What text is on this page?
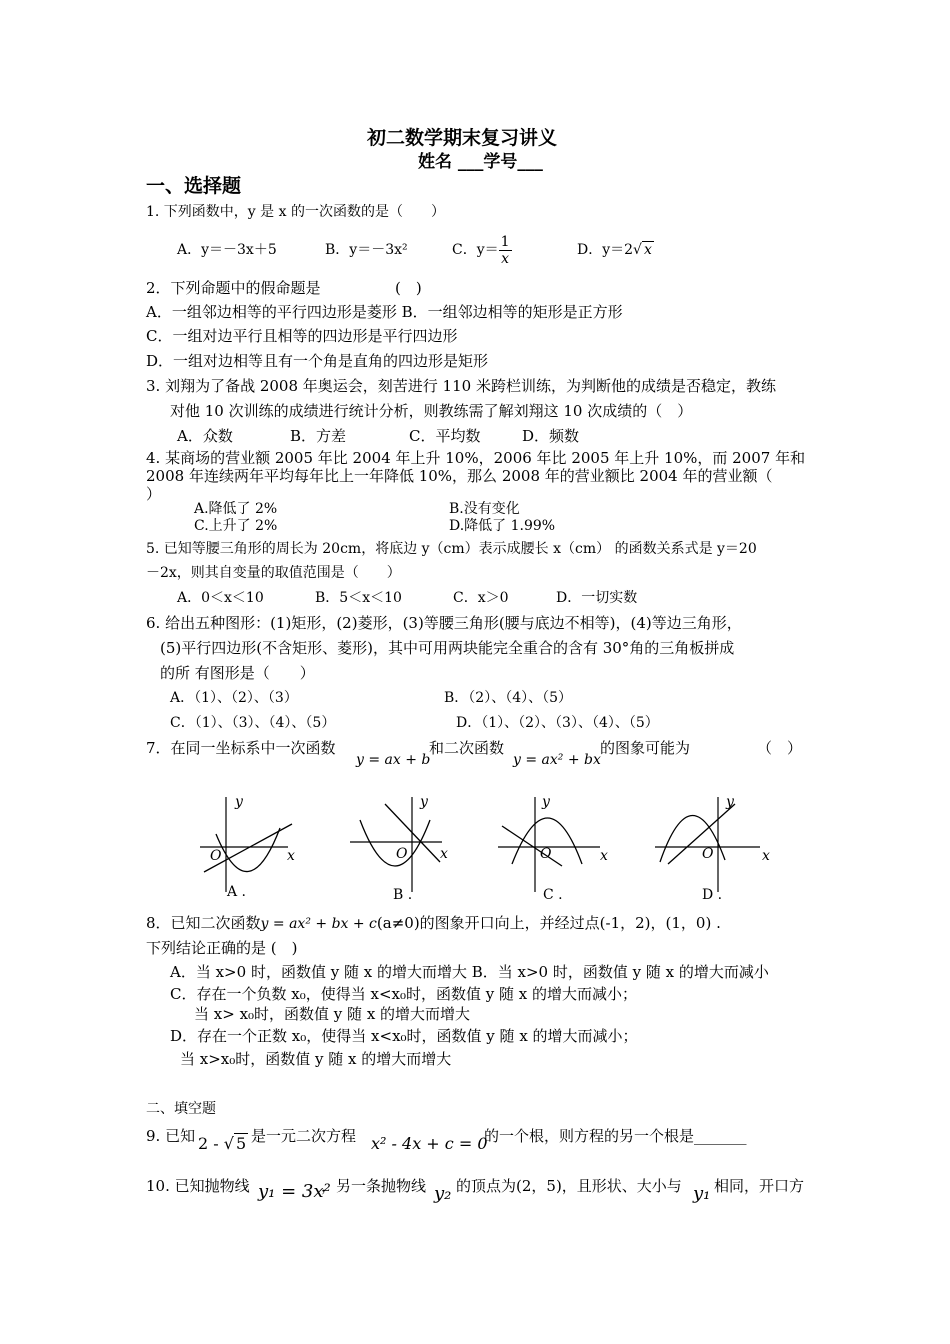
初二数学期末复习讲义
姓名 ___学号___
一、选择题
1. 下列函数中，y 是 x 的一次函数的是（　　）
A．y＝－3x＋5	B．y＝－3x²	C．$y= \frac{1}{x}$	D．y＝2√ x
2．下列命题中的假命题是	(　)
A．一组邻边相等的平行四边形是菱形 B．一组邻边相等的矩形是正方形
C．一组对边平行且相等的四边形是平行四边形
D．一组对边相等且有一个角是直角的四边形是矩形
3. 刘翔为了备战 2008 年奥运会，刻苦进行 110 米跨栏训练，为判断他的成绩是否稳定，教练
对他 10 次训练的成绩进行统计分析，则教练需了解刘翔这 10 次成绩的（　）
A．众数	B．方差	C．平均数	D．频数
4. 某商场的营业额 2005 年比 2004 年上升 10%，2006 年比 2005 年上升 10%，而 2007 年和
2008 年连续两年平均每年比上一年降低 10%，那么 2008 年的营业额比 2004 年的营业额（
）
A.降低了 2%	B.没有变化
C.上升了 2%	D.降低了 1.99%
5. 已知等腰三角形的周长为 20cm，将底边 y（cm）表示成腰长 x（cm） 的函数关系式是 y＝20
－2x，则其自变量的取值范围是（　　）
A．0＜x＜10	B．5＜x＜10	C．x＞0	D．一切实数
6. 给出五种图形：(1)矩形，(2)菱形，(3)等腰三角形(腰与底边不相等)，(4)等边三角形，
(5)平行四边形(不含矩形、菱形)，其中可用两块能完全重合的含有 30°角的三角板拼成
的所 有图形是（　　）
A．（1）、（2）、（3）	B．（2）、（4）、（5）
C．（1）、（3）、（4）、（5）	D．（1）、（2）、（3）、（4）、（5）
7．在同一坐标系中一次函数
y = ax + b
和二次函数
y = ax² + bx
的图象可能为	（　）
y
x
O
A .
y
x
O
B .
y
x
O
C .
y
x
O
D .
8．已知二次函数y = ax² + bx + c(a≠0)的图象开口向上，并经过点(-1，2)，(1，0) .
下列结论正确的是 (　)
A．当 x>0 时，函数值 y 随 x 的增大而增大 B．当 x>0 时，函数值 y 随 x 的增大而减小
C．存在一个负数 x₀，使得当 x<x₀时，函数值 y 随 x 的增大而减小；
当 x> x₀时，函数值 y 随 x 的增大而增大
D．存在一个正数 x₀，使得当 x<x₀时，函数值 y 随 x 的增大而减小；
当 x>x₀时，函数值 y 随 x 的增大而增大
二、填空题
9. 已知 2 - √ 5 是一元二次方程 x² - 4x + c = 0
的一个根，则方程的另一个根是_______
10. 已知抛物线 y₁ = 3x²
，另一条抛物线 y₂ 的顶点为(2，5)，且形状、大小与 y₁ 相同，开口方
